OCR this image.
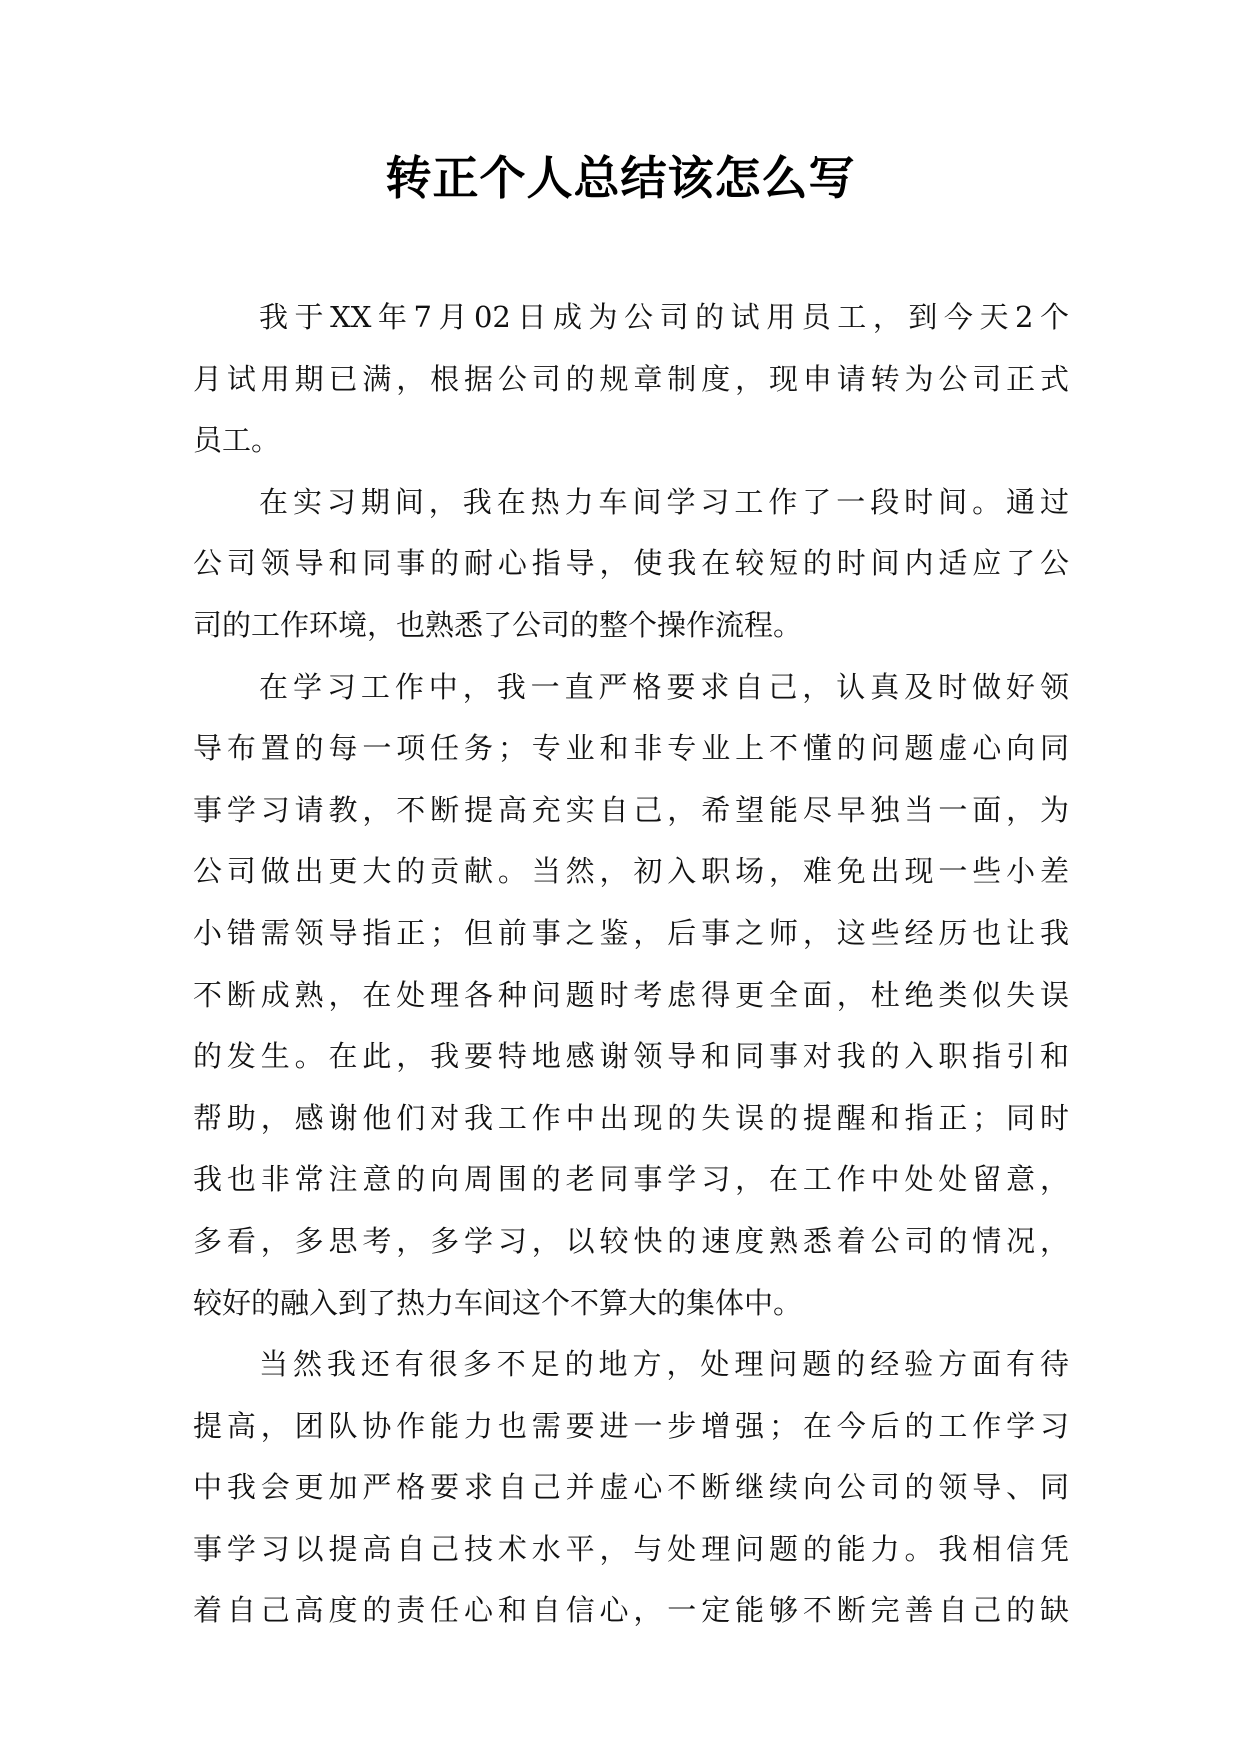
转正个人总结该怎么写
我于XX年7月02日成为公司的试用员工，到今天2个
月试用期已满，根据公司的规章制度，现申请转为公司正式
员工。
在实习期间，我在热力车间学习工作了一段时间。通过
公司领导和同事的耐心指导，使我在较短的时间内适应了公
司的工作环境，也熟悉了公司的整个操作流程。
在学习工作中，我一直严格要求自己，认真及时做好领
导布置的每一项任务；专业和非专业上不懂的问题虚心向同
事学习请教，不断提高充实自己，希望能尽早独当一面，为
公司做出更大的贡献。当然，初入职场，难免出现一些小差
小错需领导指正；但前事之鉴，后事之师，这些经历也让我
不断成熟，在处理各种问题时考虑得更全面，杜绝类似失误
的发生。在此，我要特地感谢领导和同事对我的入职指引和
帮助，感谢他们对我工作中出现的失误的提醒和指正；同时
我也非常注意的向周围的老同事学习，在工作中处处留意，
多看，多思考，多学习，以较快的速度熟悉着公司的情况，
较好的融入到了热力车间这个不算大的集体中。
当然我还有很多不足的地方，处理问题的经验方面有待
提高，团队协作能力也需要进一步增强；在今后的工作学习
中我会更加严格要求自己并虚心不断继续向公司的领导、同
事学习以提高自己技术水平，与处理问题的能力。我相信凭
着自己高度的责任心和自信心，一定能够不断完善自己的缺
